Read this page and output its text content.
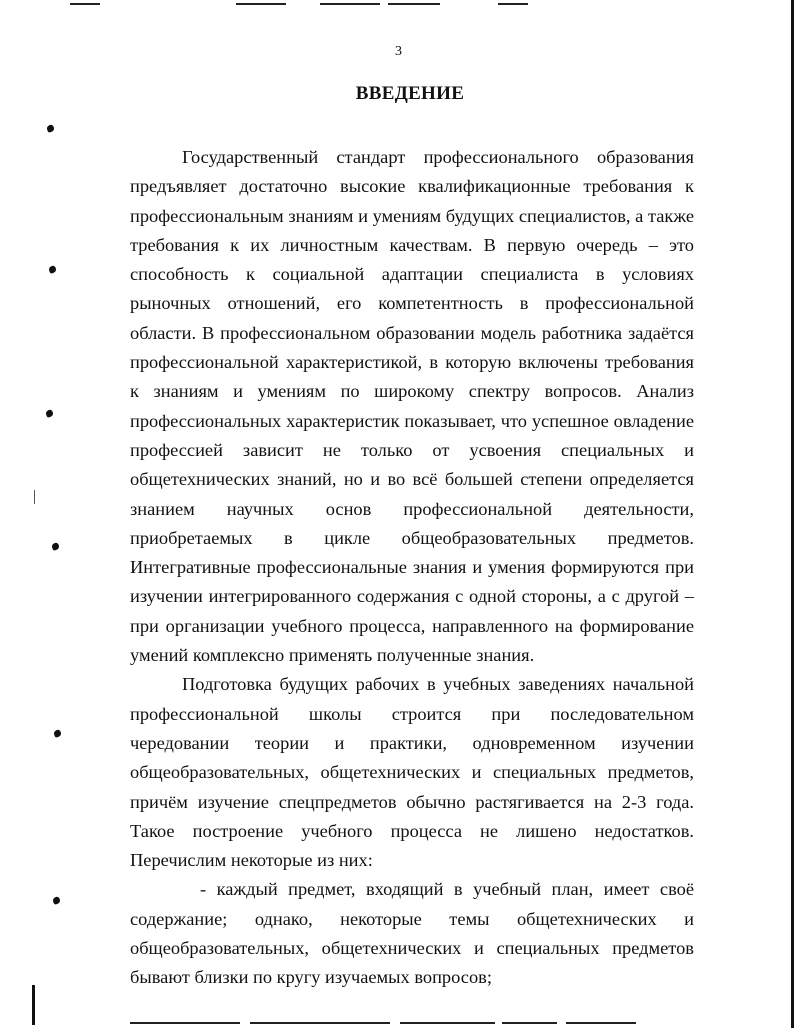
3
ВВЕДЕНИЕ

Государственный стандарт профессионального образования предъявляет достаточно высокие квалификационные требования к профессиональным знаниям и умениям будущих специалистов, а также требования к их личностным качествам. В первую очередь – это способность к социальной адаптации специалиста в условиях рыночных отношений, его компетентность в профессиональной области. В профессиональном образовании модель работника задаётся профессиональной характеристикой, в которую включены требования к знаниям и умениям по широкому спектру вопросов. Анализ профессиональных характеристик показывает, что успешное овладение профессией зависит не только от усвоения специальных и общетехнических знаний, но и во всё большей степени определяется знанием научных основ профессиональной деятельности, приобретаемых в цикле общеобразовательных предметов. Интегративные профессиональные знания и умения формируются при изучении интегрированного содержания с одной стороны, а с другой – при организации учебного процесса, направленного на формирование умений комплексно применять полученные знания.

Подготовка будущих рабочих в учебных заведениях начальной профессиональной школы строится при последовательном чередовании теории и практики, одновременном изучении общеобразовательных, общетехнических и специальных предметов, причём изучение спецпредметов обычно растягивается на 2-3 года. Такое построение учебного процесса не лишено недостатков. Перечислим некоторые из них:

- каждый предмет, входящий в учебный план, имеет своё содержание; однако, некоторые темы общетехнических и общеобразовательных, общетехнических и специальных предметов бывают близки по кругу изучаемых вопросов;
